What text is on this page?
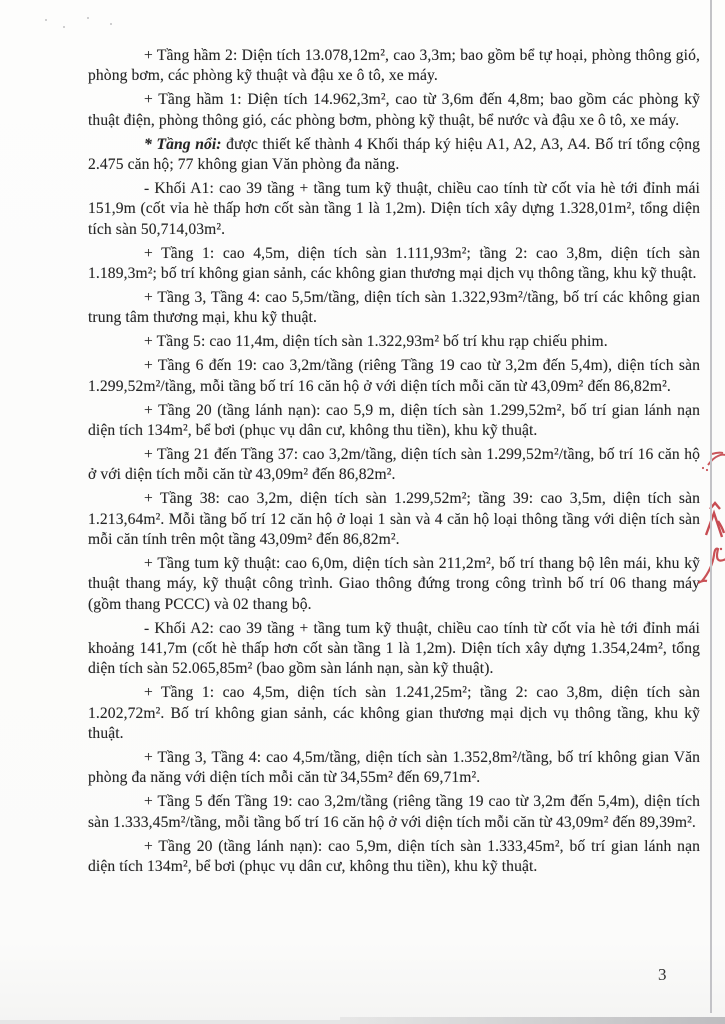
+ Tầng hầm 2: Diện tích 13.078,12m², cao 3,3m; bao gồm bể tự hoại, phòng thông gió, phòng bơm, các phòng kỹ thuật và đậu xe ô tô, xe máy.

+ Tầng hầm 1: Diện tích 14.962,3m², cao từ 3,6m đến 4,8m; bao gồm các phòng kỹ thuật điện, phòng thông gió, các phòng bơm, phòng kỹ thuật, bể nước và đậu xe ô tô, xe máy.

* Tầng nổi: được thiết kế thành 4 Khối tháp ký hiệu A1, A2, A3, A4. Bố trí tổng cộng 2.475 căn hộ; 77 không gian Văn phòng đa năng.

- Khối A1: cao 39 tầng + tầng tum kỹ thuật, chiều cao tính từ cốt vỉa hè tới đỉnh mái 151,9m (cốt vỉa hè thấp hơn cốt sàn tầng 1 là 1,2m). Diện tích xây dựng 1.328,01m², tổng diện tích sàn 50,714,03m².

+ Tầng 1: cao 4,5m, diện tích sàn 1.111,93m²; tầng 2: cao 3,8m, diện tích sàn 1.189,3m²; bố trí không gian sảnh, các không gian thương mại dịch vụ thông tầng, khu kỹ thuật.

+ Tầng 3, Tầng 4: cao 5,5m/tầng, diện tích sàn 1.322,93m²/tầng, bố trí các không gian trung tâm thương mại, khu kỹ thuật.

+ Tầng 5: cao 11,4m, diện tích sàn 1.322,93m² bố trí khu rạp chiếu phim.

+ Tầng 6 đến 19: cao 3,2m/tầng (riêng Tầng 19 cao từ 3,2m đến 5,4m), diện tích sàn 1.299,52m²/tầng, mỗi tầng bố trí 16 căn hộ ở với diện tích mỗi căn từ 43,09m² đến 86,82m².

+ Tầng 20 (tầng lánh nạn): cao 5,9 m, diện tích sàn 1.299,52m², bố trí gian lánh nạn diện tích 134m², bể bơi (phục vụ dân cư, không thu tiền), khu kỹ thuật.

+ Tầng 21 đến Tầng 37: cao 3,2m/tầng, diện tích sàn 1.299,52m²/tầng, bố trí 16 căn hộ ở với diện tích mỗi căn từ 43,09m² đến 86,82m².

+ Tầng 38: cao 3,2m, diện tích sàn 1.299,52m²; tầng 39: cao 3,5m, diện tích sàn 1.213,64m². Mỗi tầng bố trí 12 căn hộ ở loại 1 sàn và 4 căn hộ loại thông tầng với diện tích sàn mỗi căn tính trên một tầng 43,09m² đến 86,82m².

+ Tầng tum kỹ thuật: cao 6,0m, diện tích sàn 211,2m², bố trí thang bộ lên mái, khu kỹ thuật thang máy, kỹ thuật công trình. Giao thông đứng trong công trình bố trí 06 thang máy (gồm thang PCCC) và 02 thang bộ.

- Khối A2: cao 39 tầng + tầng tum kỹ thuật, chiều cao tính từ cốt vỉa hè tới đỉnh mái khoảng 141,7m (cốt hè thấp hơn cốt sàn tầng 1 là 1,2m). Diện tích xây dựng 1.354,24m², tổng diện tích sàn 52.065,85m² (bao gồm sàn lánh nạn, sàn kỹ thuật).

+ Tầng 1: cao 4,5m, diện tích sàn 1.241,25m²; tầng 2: cao 3,8m, diện tích sàn 1.202,72m². Bố trí không gian sảnh, các không gian thương mại dịch vụ thông tầng, khu kỹ thuật.

+ Tầng 3, Tầng 4: cao 4,5m/tầng, diện tích sàn 1.352,8m²/tầng, bố trí không gian Văn phòng đa năng với diện tích mỗi căn từ 34,55m² đến 69,71m².

+ Tầng 5 đến Tầng 19: cao 3,2m/tầng (riêng tầng 19 cao từ 3,2m đến 5,4m), diện tích sàn 1.333,45m²/tầng, mỗi tầng bố trí 16 căn hộ ở với diện tích mỗi căn từ 43,09m² đến 89,39m².

+ Tầng 20 (tầng lánh nạn): cao 5,9m, diện tích sàn 1.333,45m², bố trí gian lánh nạn diện tích 134m², bể bơi (phục vụ dân cư, không thu tiền), khu kỹ thuật.

3
